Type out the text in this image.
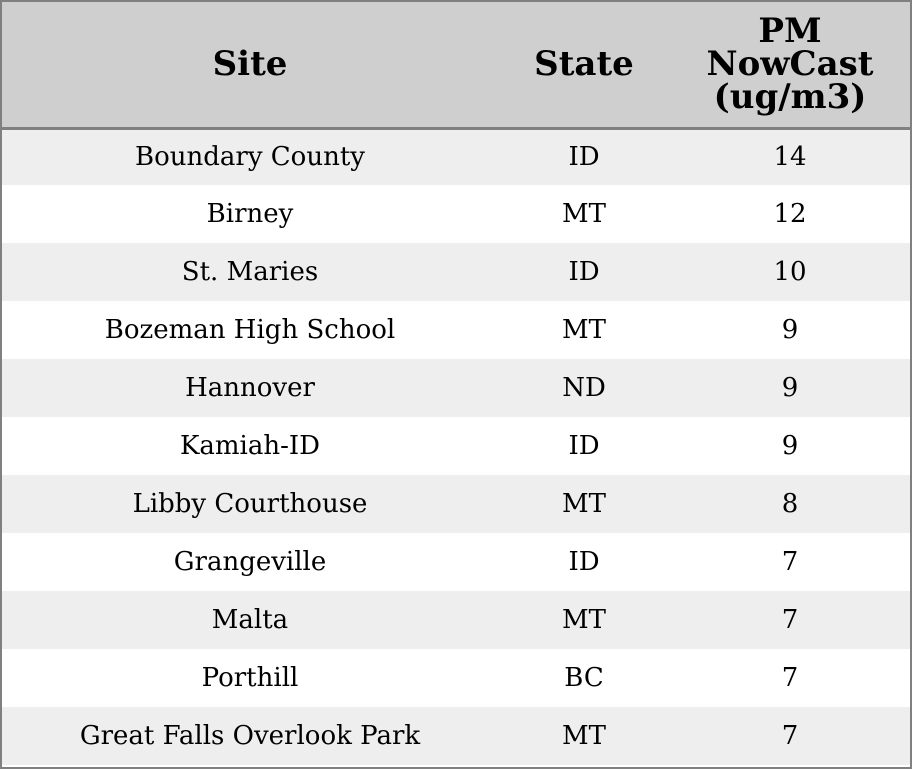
Site	State	PM
NowCast
(ug/m3)

Boundary County	ID	14
Birney	MT	12
St. Maries	ID	10
Bozeman High School	MT	9
Hannover	ND	9
Kamiah-ID	ID	9
Libby Courthouse	MT	8
Grangeville	ID	7
Malta	MT	7
Porthill	BC	7
Great Falls Overlook Park	MT	7
